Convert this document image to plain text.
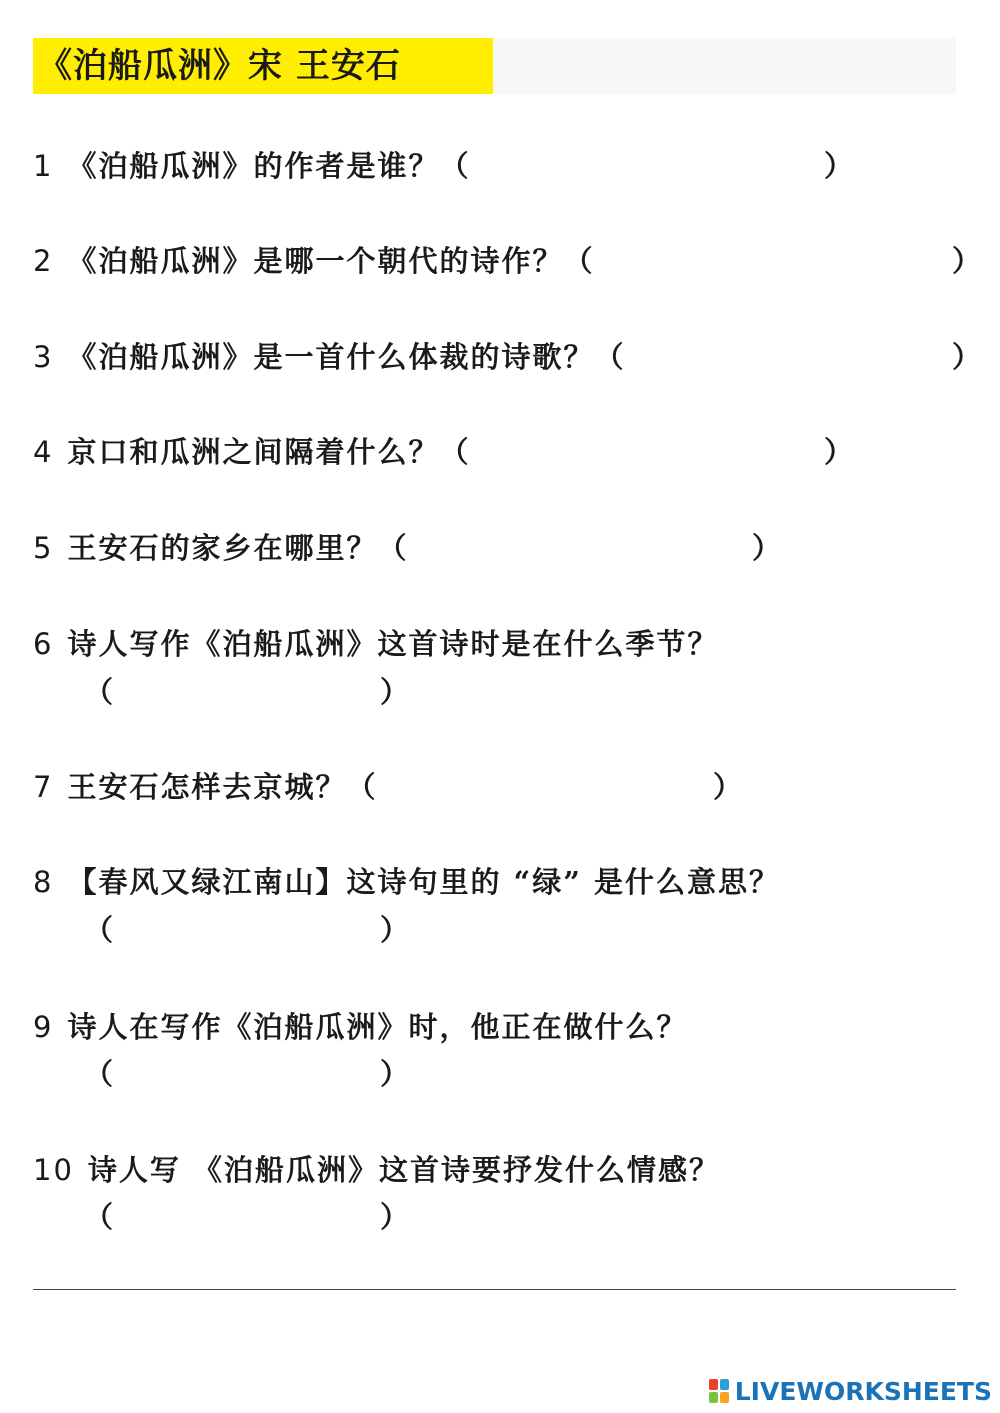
《泊船瓜洲》宋 王安石
1 《泊船瓜洲》的作者是谁？（	）
2 《泊船瓜洲》是哪一个朝代的诗作？（	）
3 《泊船瓜洲》是一首什么体裁的诗歌？（	）
4 京口和瓜洲之间隔着什么？（	）
5 王安石的家乡在哪里？（	）
6 诗人写作《泊船瓜洲》这首诗时是在什么季节？
（	）
7 王安石怎样去京城？（	）
8 【春风又绿江南山】这诗句里的 “绿” 是什么意思？
（	）
9 诗人在写作《泊船瓜洲》时，他正在做什么？
（	）
10 诗人写 《泊船瓜洲》这首诗要抒发什么情感？
（	）
LIVEWORKSHEETS
